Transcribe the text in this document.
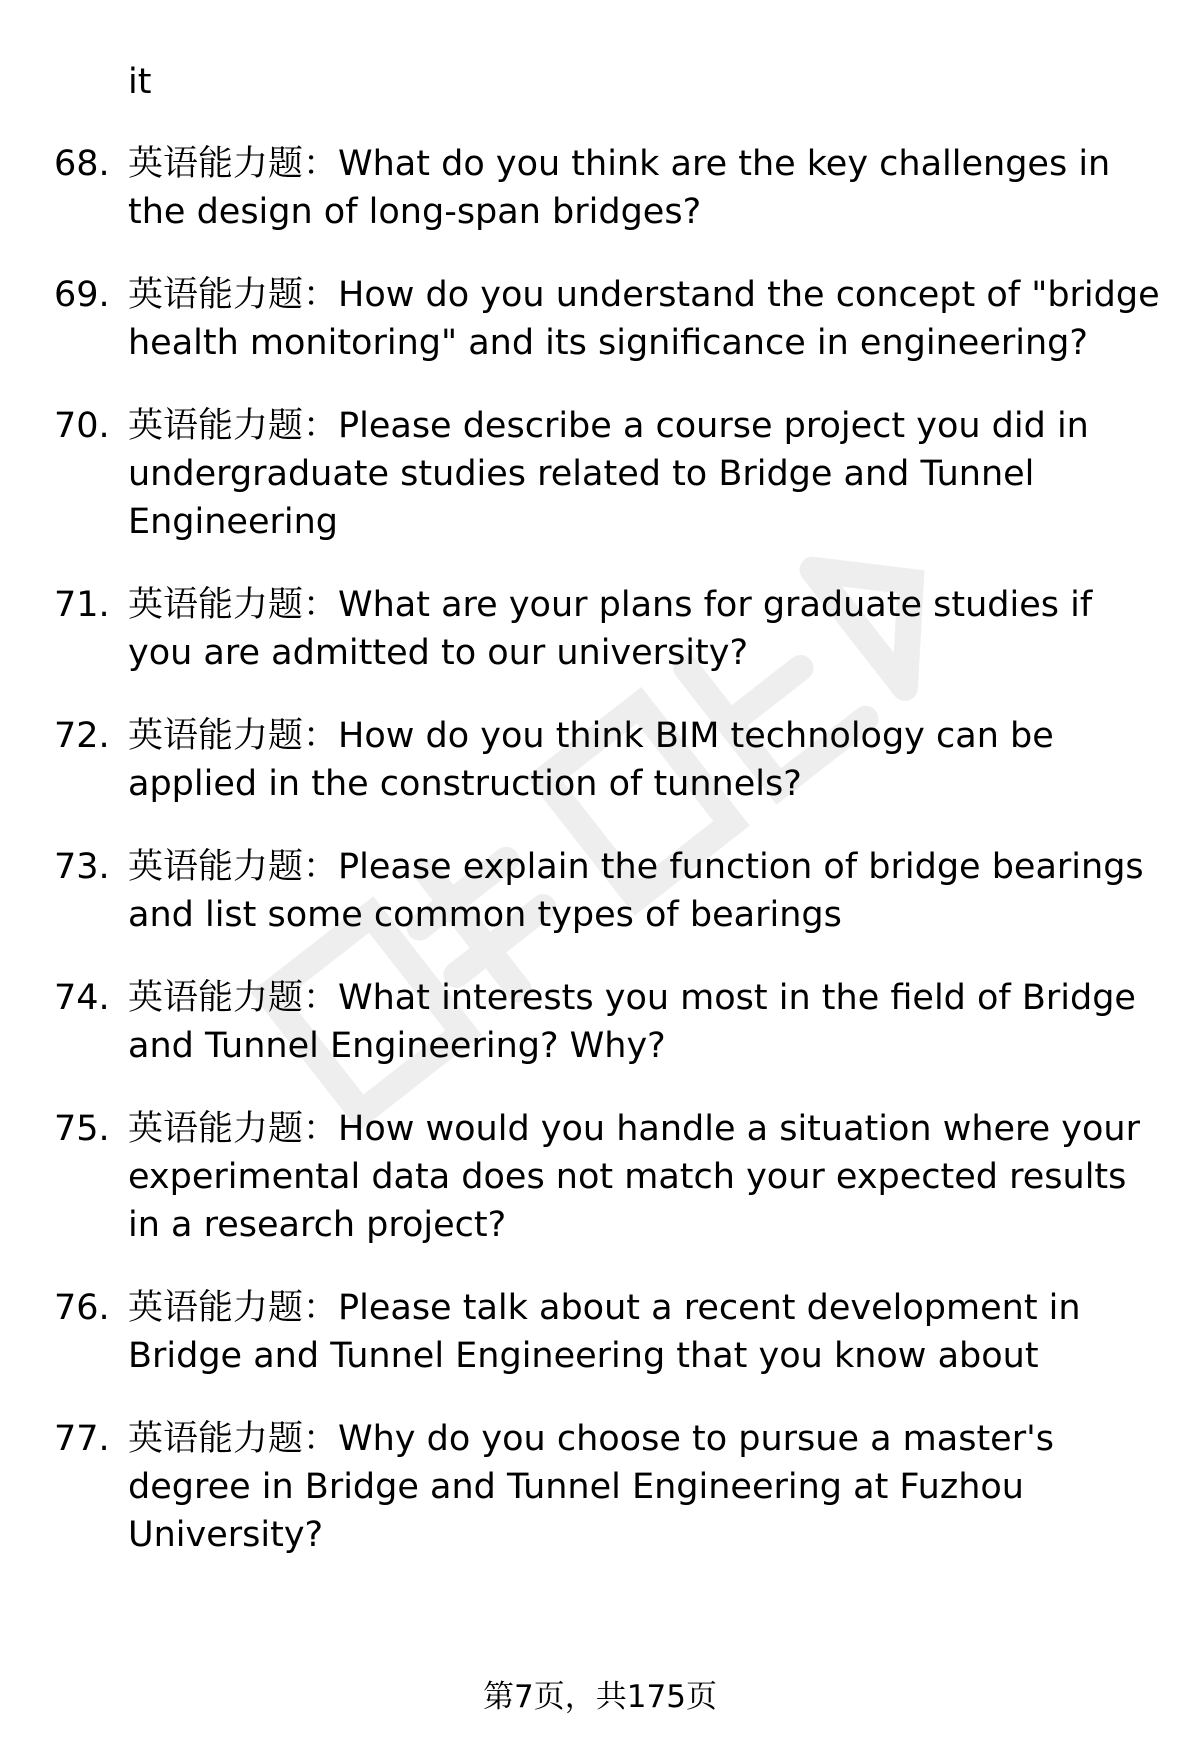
it
68. 英语能力题：What do you think are the key challenges in the design of long-span bridges?
69. 英语能力题：How do you understand the concept of "bridge health monitoring" and its significance in engineering?
70. 英语能力题：Please describe a course project you did in undergraduate studies related to Bridge and Tunnel Engineering
71. 英语能力题：What are your plans for graduate studies if you are admitted to our university?
72. 英语能力题：How do you think BIM technology can be applied in the construction of tunnels?
73. 英语能力题：Please explain the function of bridge bearings and list some common types of bearings
74. 英语能力题：What interests you most in the field of Bridge and Tunnel Engineering? Why?
75. 英语能力题：How would you handle a situation where your experimental data does not match your expected results in a research project?
76. 英语能力题：Please talk about a recent development in Bridge and Tunnel Engineering that you know about
77. 英语能力题：Why do you choose to pursue a master's degree in Bridge and Tunnel Engineering at Fuzhou University?
第7页，共175页
